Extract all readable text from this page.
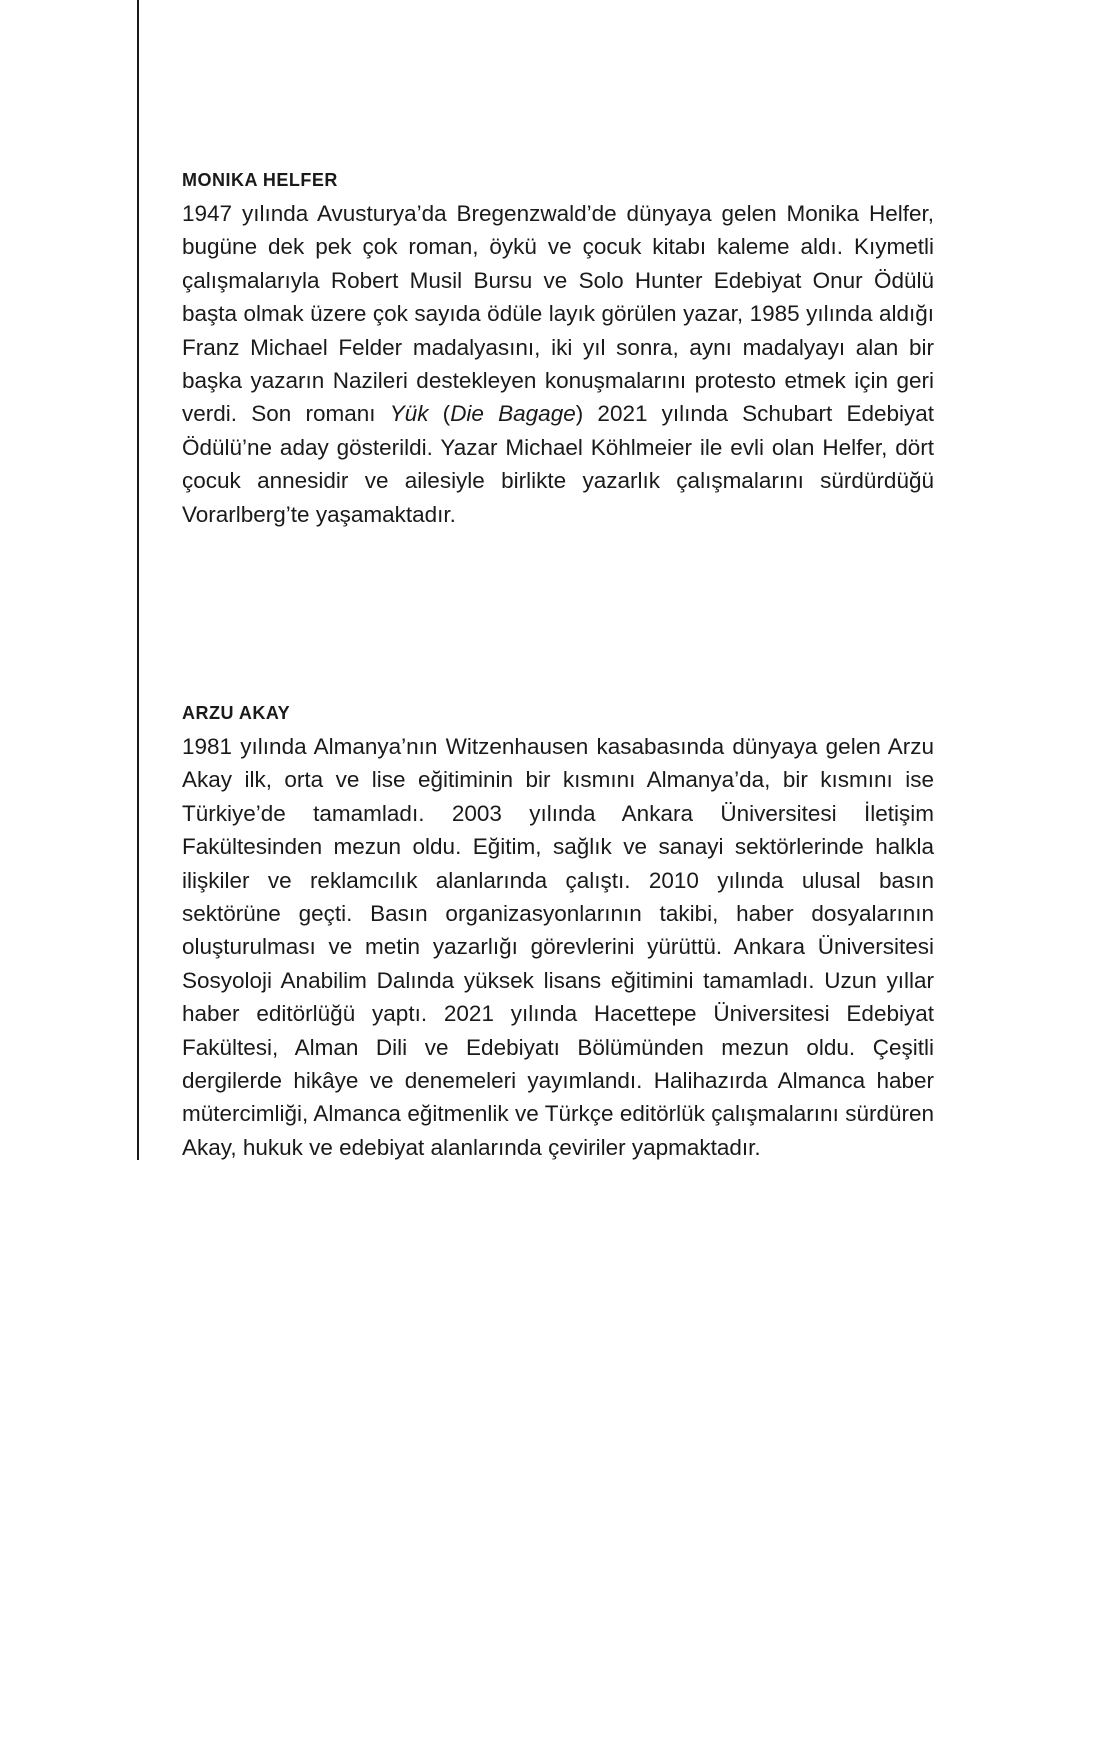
MONIKA HELFER

1947 yılında Avusturya’da Bregenzwald’de dünyaya gelen Monika Helfer, bugüne dek pek çok roman, öykü ve çocuk kitabı kaleme aldı. Kıymetli çalışmalarıyla Robert Musil Bursu ve Solo Hunter Edebiyat Onur Ödülü başta olmak üzere çok sayıda ödüle layık görülen yazar, 1985 yılında aldığı Franz Michael Felder madalyasını, iki yıl sonra, aynı madalyayı alan bir başka yazarın Nazileri destekleyen konuşmalarını protesto etmek için geri verdi. Son romanı Yük (Die Bagage) 2021 yılında Schubart Edebiyat Ödülü’ne aday gösterildi. Yazar Michael Köhlmeier ile evli olan Helfer, dört çocuk annesidir ve ailesiyle birlikte yazarlık çalışmalarını sürdürdüğü Vorarlberg’te yaşamaktadır.

ARZU AKAY

1981 yılında Almanya’nın Witzenhausen kasabasında dünyaya gelen Arzu Akay ilk, orta ve lise eğitiminin bir kısmını Almanya’da, bir kısmını ise Türkiye’de tamamladı. 2003 yılında Ankara Üniversitesi İletişim Fakültesinden mezun oldu. Eğitim, sağlık ve sanayi sektörlerinde halkla ilişkiler ve reklamcılık alanlarında çalıştı. 2010 yılında ulusal basın sektörüne geçti. Basın organizasyonlarının takibi, haber dosyalarının oluşturulması ve metin yazarlığı görevlerini yürüttü. Ankara Üniversitesi Sosyoloji Anabilim Dalında yüksek lisans eğitimini tamamladı. Uzun yıllar haber editörlüğü yaptı. 2021 yılında Hacettepe Üniversitesi Edebiyat Fakültesi, Alman Dili ve Edebiyatı Bölümünden mezun oldu. Çeşitli dergilerde hikâye ve denemeleri yayımlandı. Halihazırda Almanca haber mütercimliği, Almanca eğitmenlik ve Türkçe editörlük çalışmalarını sürdüren Akay, hukuk ve edebiyat alanlarında çeviriler yapmaktadır.
